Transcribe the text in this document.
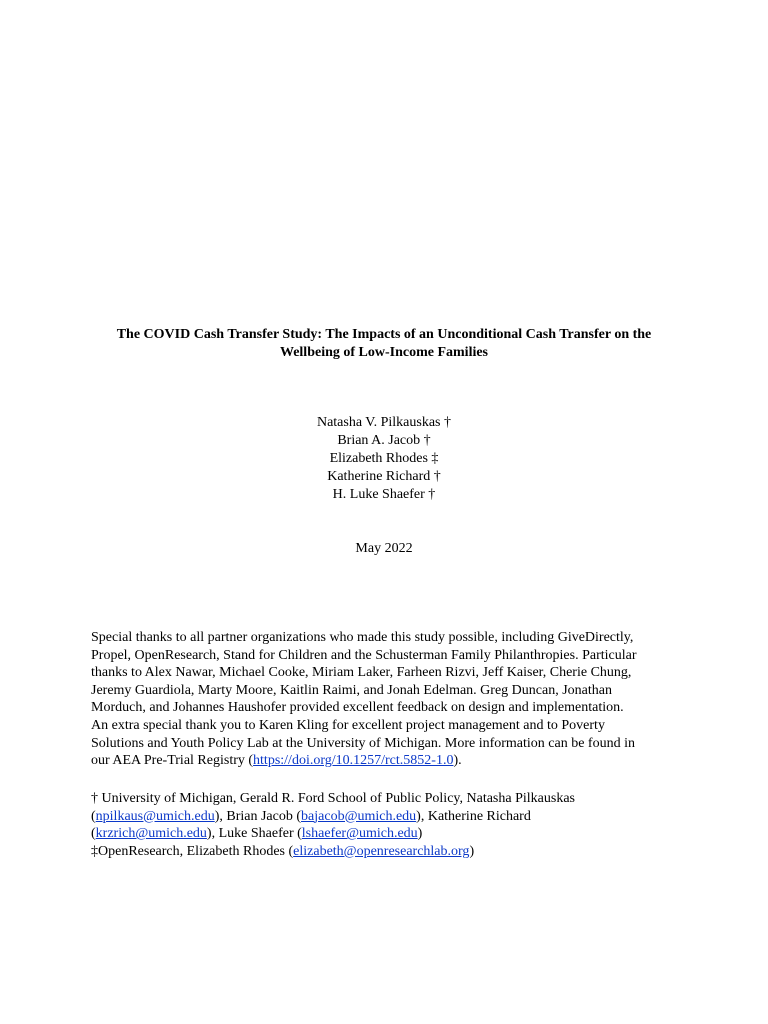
The COVID Cash Transfer Study: The Impacts of an Unconditional Cash Transfer on the
Wellbeing of Low-Income Families
Natasha V. Pilkauskas †
Brian A. Jacob †
Elizabeth Rhodes ‡
Katherine Richard †
H. Luke Shaefer †
May 2022
Special thanks to all partner organizations who made this study possible, including GiveDirectly,
Propel, OpenResearch, Stand for Children and the Schusterman Family Philanthropies. Particular
thanks to Alex Nawar, Michael Cooke, Miriam Laker, Farheen Rizvi, Jeff Kaiser, Cherie Chung,
Jeremy Guardiola, Marty Moore, Kaitlin Raimi, and Jonah Edelman. Greg Duncan, Jonathan
Morduch, and Johannes Haushofer provided excellent feedback on design and implementation.
An extra special thank you to Karen Kling for excellent project management and to Poverty
Solutions and Youth Policy Lab at the University of Michigan. More information can be found in
our AEA Pre-Trial Registry (https://doi.org/10.1257/rct.5852-1.0).
† University of Michigan, Gerald R. Ford School of Public Policy, Natasha Pilkauskas
(npilkaus@umich.edu), Brian Jacob (bajacob@umich.edu), Katherine Richard
(krzrich@umich.edu), Luke Shaefer (lshaefer@umich.edu)
‡OpenResearch, Elizabeth Rhodes (elizabeth@openresearchlab.org)
